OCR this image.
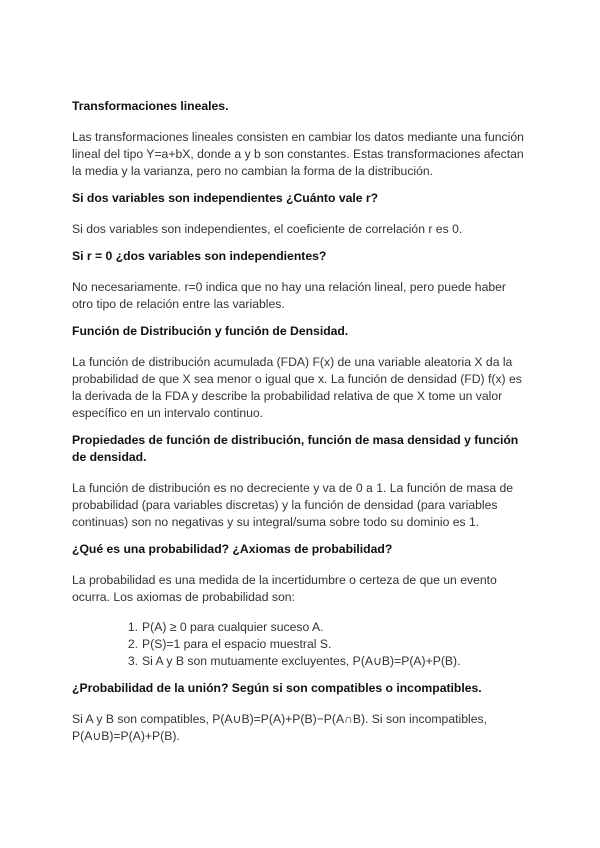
Transformaciones lineales.

Las transformaciones lineales consisten en cambiar los datos mediante una función lineal del tipo Y=a+bX, donde a y b son constantes. Estas transformaciones afectan la media y la varianza, pero no cambian la forma de la distribución.

Si dos variables son independientes ¿Cuánto vale r?

Si dos variables son independientes, el coeficiente de correlación r es 0.

Si r = 0 ¿dos variables son independientes?

No necesariamente. r=0 indica que no hay una relación lineal, pero puede haber otro tipo de relación entre las variables.

Función de Distribución y función de Densidad.

La función de distribución acumulada (FDA) F(x) de una variable aleatoria X da la probabilidad de que X sea menor o igual que x. La función de densidad (FD) f(x) es la derivada de la FDA y describe la probabilidad relativa de que X tome un valor específico en un intervalo continuo.

Propiedades de función de distribución, función de masa densidad y función de densidad.

La función de distribución es no decreciente y va de 0 a 1. La función de masa de probabilidad (para variables discretas) y la función de densidad (para variables continuas) son no negativas y su integral/suma sobre todo su dominio es 1.

¿Qué es una probabilidad? ¿Axiomas de probabilidad?

La probabilidad es una medida de la incertidumbre o certeza de que un evento ocurra. Los axiomas de probabilidad son:

1. P(A) ≥ 0 para cualquier suceso A.
2. P(S)=1 para el espacio muestral S.
3. Si A y B son mutuamente excluyentes, P(A∪B)=P(A)+P(B).

¿Probabilidad de la unión? Según si son compatibles o incompatibles.

Si A y B son compatibles, P(A∪B)=P(A)+P(B)−P(A∩B). Si son incompatibles, P(A∪B)=P(A)+P(B).
